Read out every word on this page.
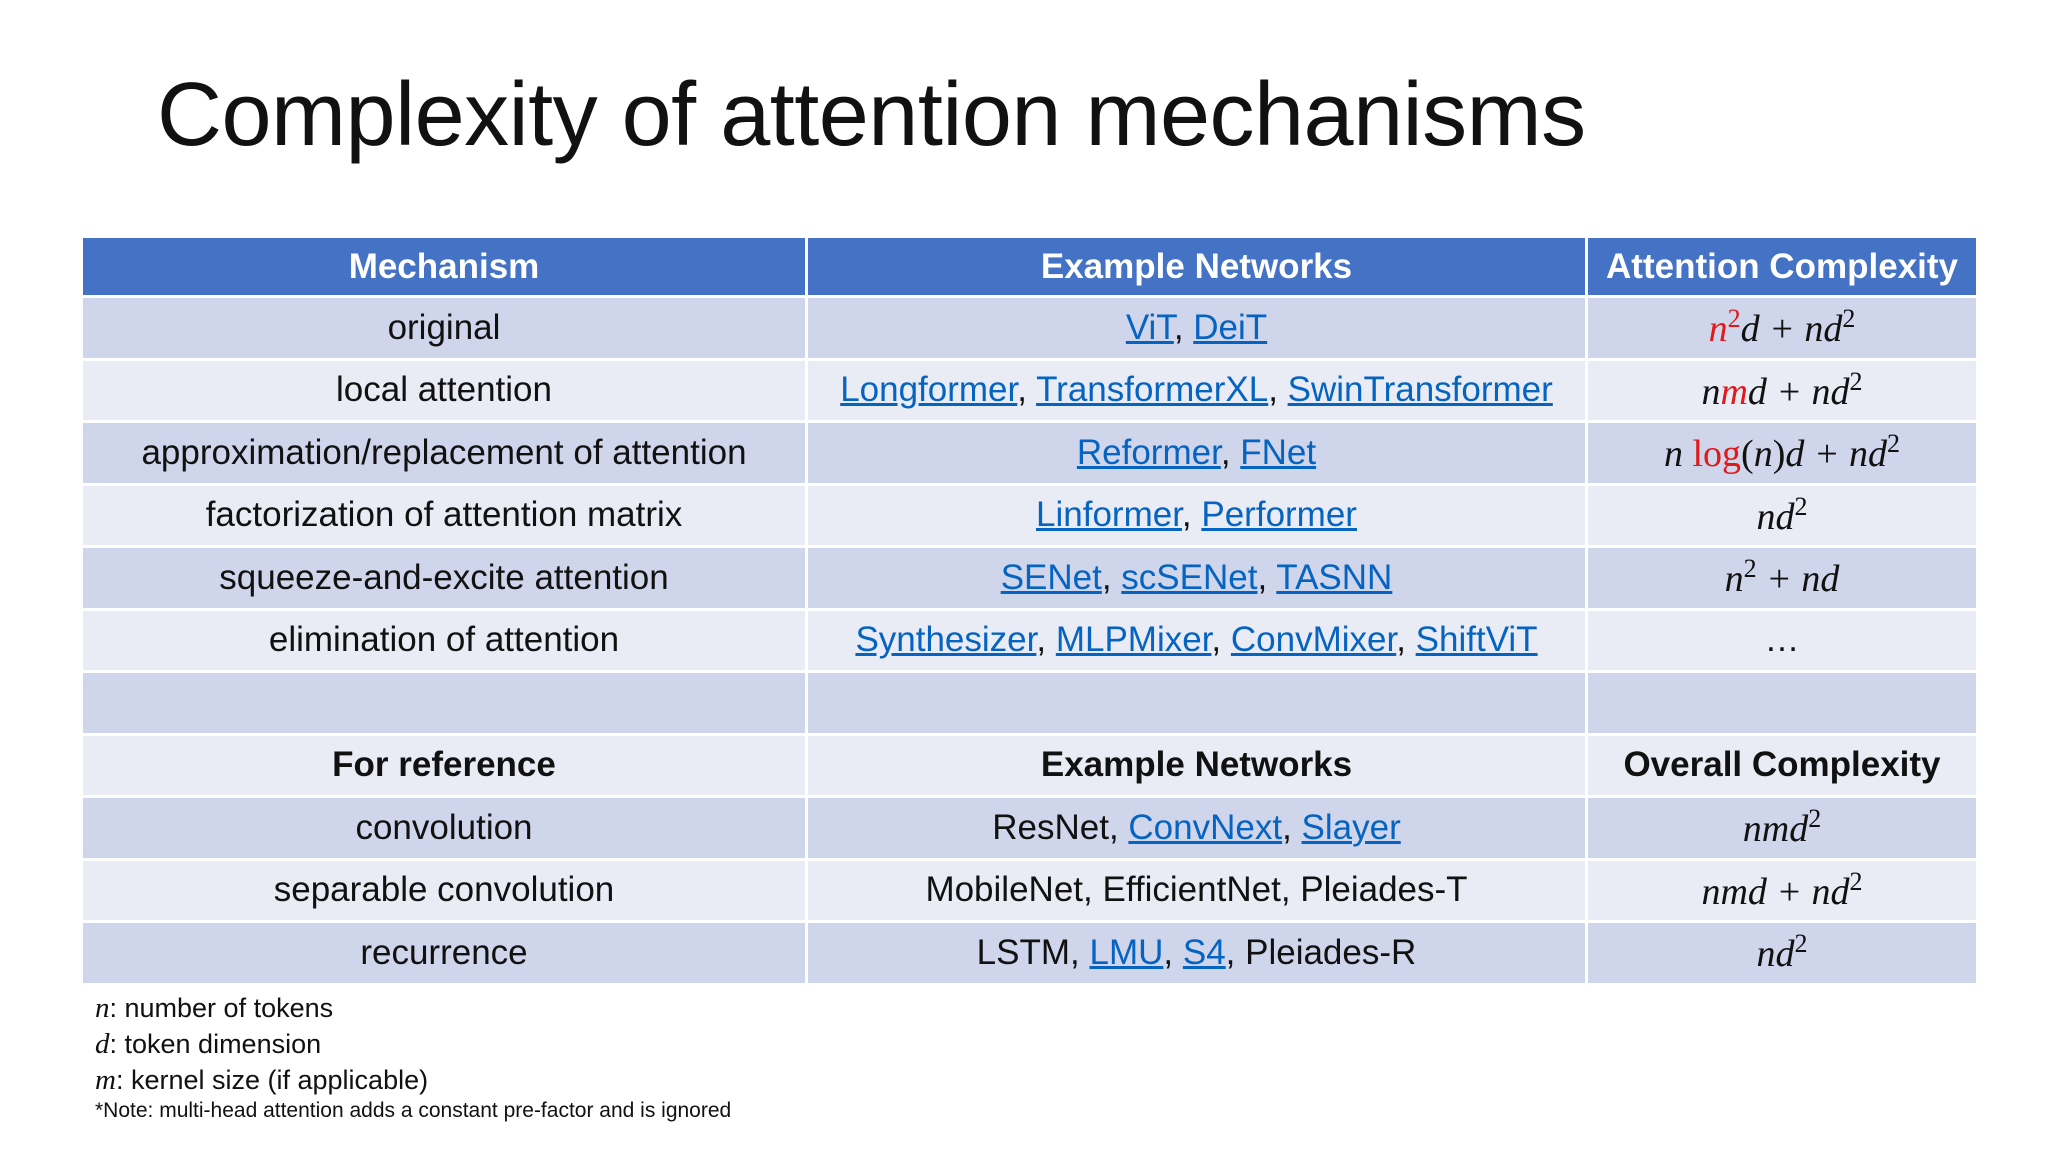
Complexity of attention mechanisms
Mechanism	Example Networks	Attention Complexity
original	ViT, DeiT	$n^2d + nd^2$
local attention	Longformer, TransformerXL, SwinTransformer	nmd + $nd^2$
approximation/replacement of attention	Reformer, FNet	n $\log(n)d + nd^2$
factorization of attention matrix	Linformer, Performer	$nd^2$
squeeze-and-excite attention	SENet, scSENet, TASNN	$n^2$ + nd
elimination of attention	Synthesizer, MLPMixer, ConvMixer, ShiftViT	…

For reference	Example Networks	Overall Complexity
convolution	ResNet, ConvNext, Slayer	nmd$^2$
separable convolution	MobileNet, EfficientNet, Pleiades-T	nmd + $nd^2$
recurrence	LSTM, LMU, S4, Pleiades-R	$nd^2$
n: number of tokens
d: token dimension
m: kernel size (if applicable)
*Note: multi-head attention adds a constant pre-factor and is ignored
